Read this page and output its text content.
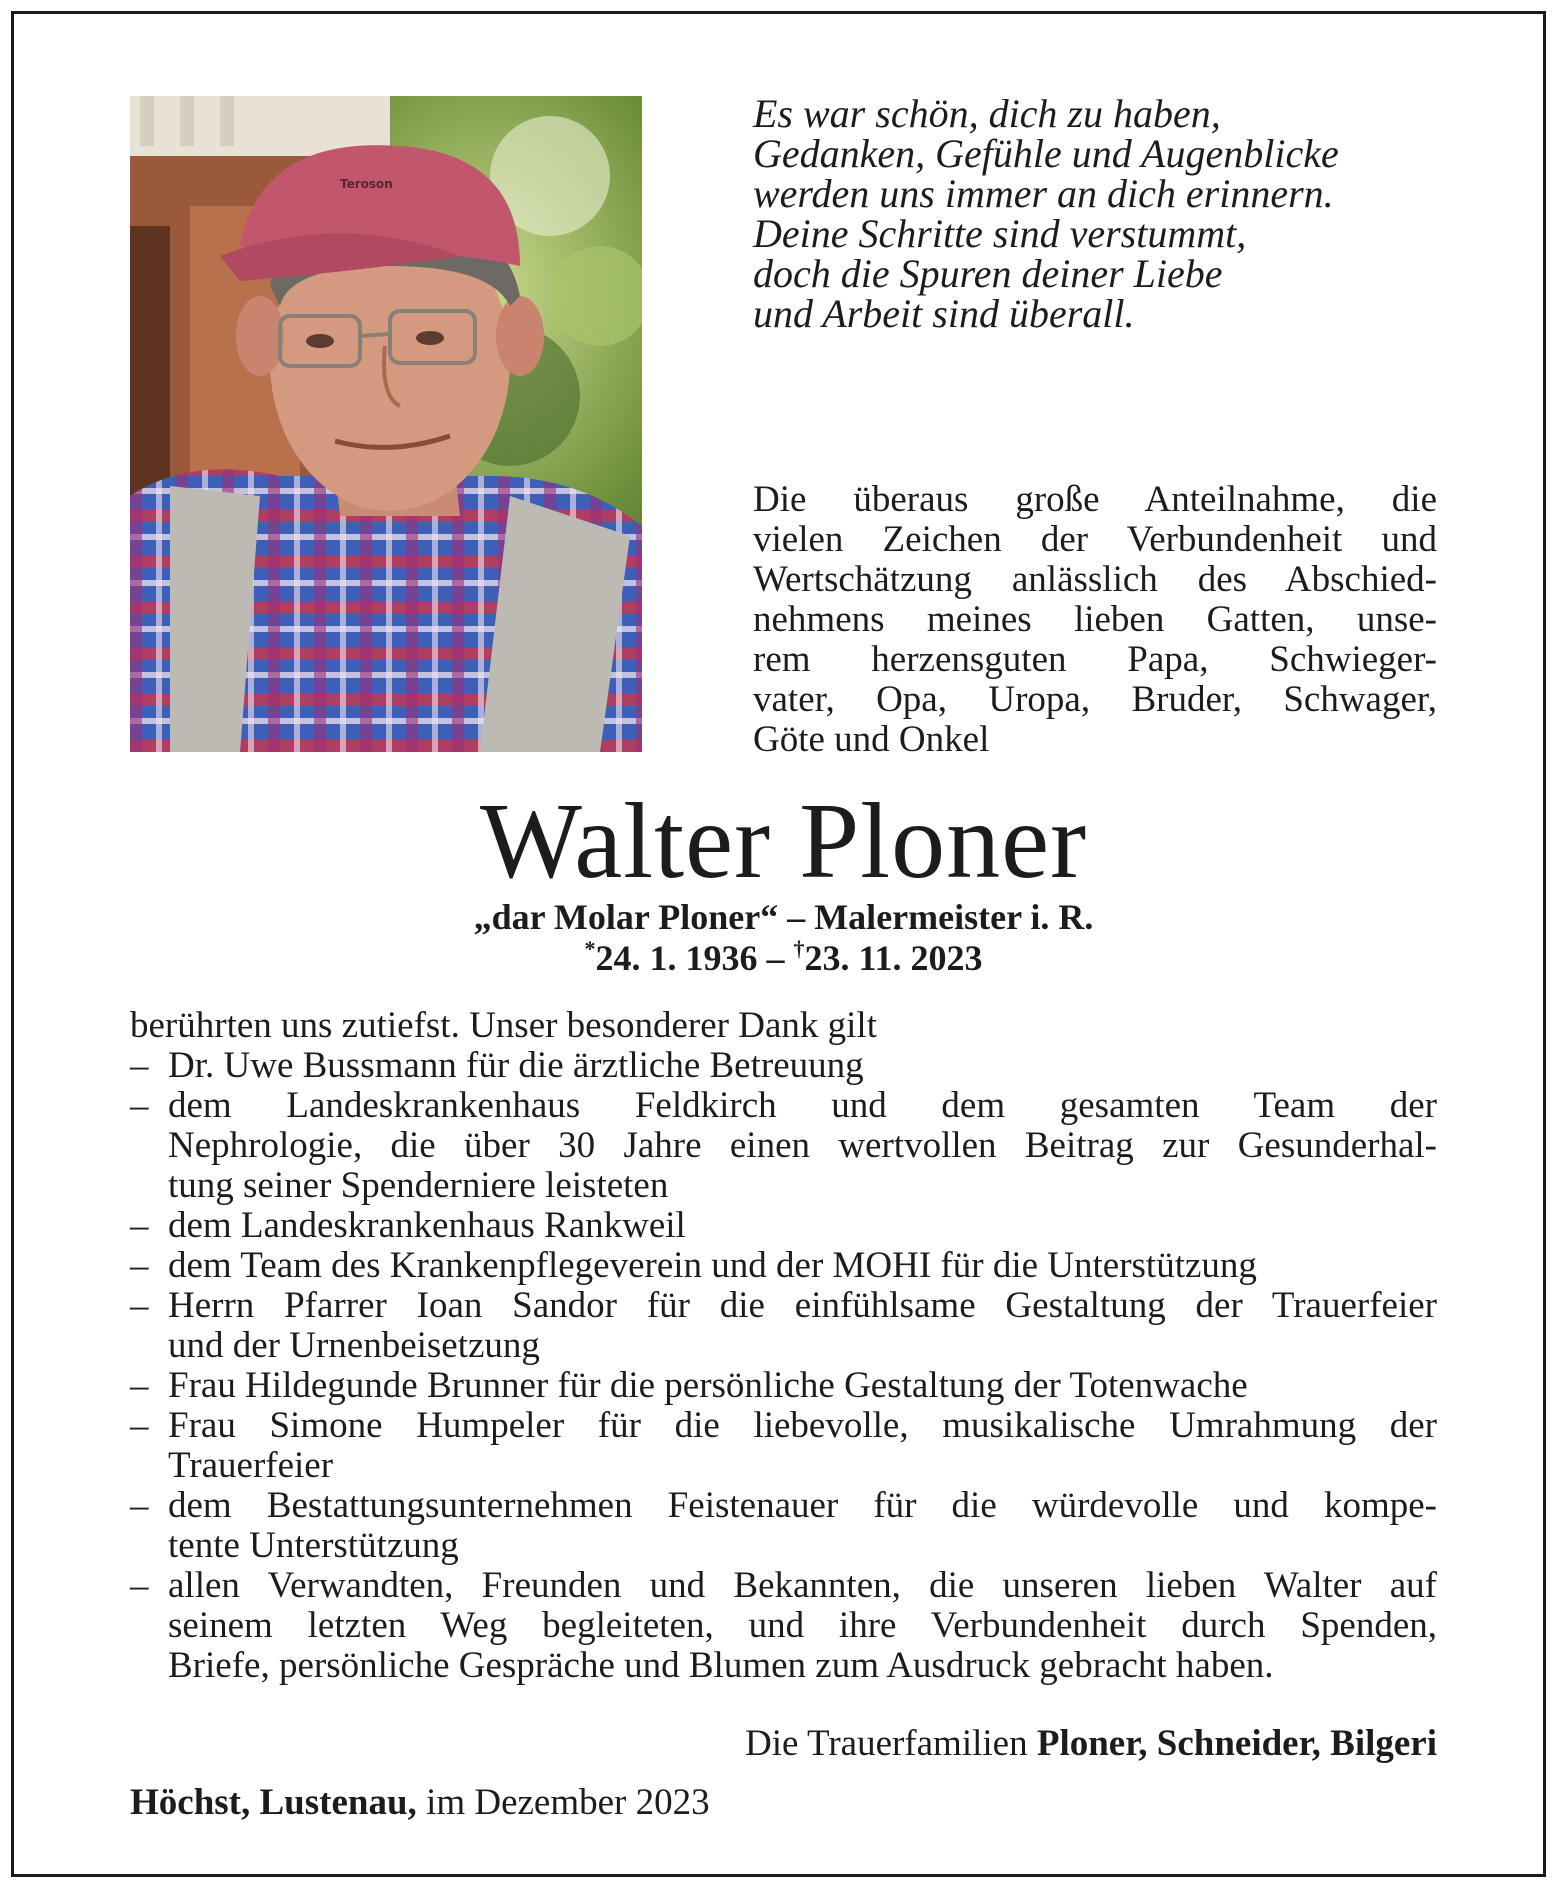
Teroson
Es war schön, dich zu haben,
Gedanken, Gefühle und Augenblicke
werden uns immer an dich erinnern.
Deine Schritte sind verstummt,
doch die Spuren deiner Liebe
und Arbeit sind überall.
Die überaus große Anteilnahme, die
vielen Zeichen der Verbundenheit und
Wertschätzung anlässlich des Abschied-
nehmens meines lieben Gatten, unse-
rem herzensguten Papa, Schwieger-
vater, Opa, Uropa, Bruder, Schwager,
Göte und Onkel
Walter Ploner
„dar Molar Ploner“ – Malermeister i. R.
*24. 1. 1936 – †23. 11. 2023
berührten uns zutiefst. Unser besonderer Dank gilt
– Dr. Uwe Bussmann für die ärztliche Betreuung
– dem Landeskrankenhaus Feldkirch und dem gesamten Team der
Nephrologie, die über 30 Jahre einen wertvollen Beitrag zur Gesunderhal-
tung seiner Spenderniere leisteten
– dem Landeskrankenhaus Rankweil
– dem Team des Krankenpflegeverein und der MOHI für die Unterstützung
– Herrn Pfarrer Ioan Sandor für die einfühlsame Gestaltung der Trauerfeier
und der Urnenbeisetzung
– Frau Hildegunde Brunner für die persönliche Gestaltung der Totenwache
– Frau Simone Humpeler für die liebevolle, musikalische Umrahmung der
Trauerfeier
– dem Bestattungsunternehmen Feistenauer für die würdevolle und kompe-
tente Unterstützung
– allen Verwandten, Freunden und Bekannten, die unseren lieben Walter auf
seinem letzten Weg begleiteten, und ihre Verbundenheit durch Spenden,
Briefe, persönliche Gespräche und Blumen zum Ausdruck gebracht haben.
Die Trauerfamilien Ploner, Schneider, Bilgeri
Höchst, Lustenau, im Dezember 2023
